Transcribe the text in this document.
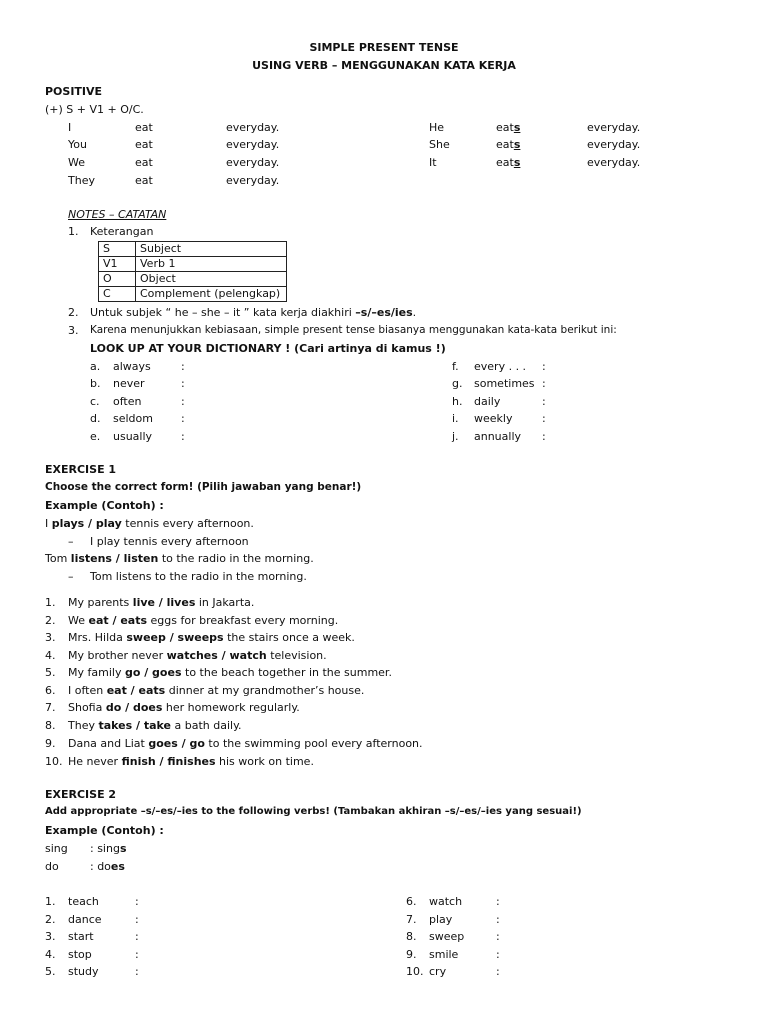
SIMPLE PRESENT TENSE
USING VERB – MENGGUNAKAN KATA KERJA
POSITIVE
(+) S + V1 + O/C.
I	eat	everyday.
You	eat	everyday.
We	eat	everyday.
They	eat	everyday.
He	eats	everyday.
She	eats	everyday.
It	eats	everyday.
NOTES – CATATAN
1. Keterangan
S	Subject
V1	Verb 1
O	Object
C	Complement (pelengkap)
2. Untuk subjek “ he – she – it ” kata kerja diakhiri –s/–es/ies.
3. Karena menunjukkan kebiasaan, simple present tense biasanya menggunakan kata-kata berikut ini:
LOOK UP AT YOUR DICTIONARY ! (Cari artinya di kamus !)
a. always	:
b. never	:
c. often	:
d. seldom	:
e. usually	:
f. every . . . :
g. sometimes :
h. daily	:
i. weekly	:
j. annually :
EXERCISE 1
Choose the correct form! (Pilih jawaban yang benar!)
Example (Contoh) :
I plays / play tennis every afternoon.
– I play tennis every afternoon
Tom listens / listen to the radio in the morning.
– Tom listens to the radio in the morning.
1. My parents live / lives in Jakarta.
2. We eat / eats eggs for breakfast every morning.
3. Mrs. Hilda sweep / sweeps the stairs once a week.
4. My brother never watches / watch television.
5. My family go / goes to the beach together in the summer.
6. I often eat / eats dinner at my grandmother’s house.
7. Shofia do / does her homework regularly.
8. They takes / take a bath daily.
9. Dana and Liat goes / go to the swimming pool every afternoon.
10. He never finish / finishes his work on time.
EXERCISE 2
Add appropriate –s/–es/–ies to the following verbs! (Tambakan akhiran –s/–es/–ies yang sesuai!)
Example (Contoh) :
sing : sings
do	: does
1. teach	:
2. dance	:
3. start	:
4. stop	:
5. study	:
6. watch	:
7. play	:
8. sweep	:
9. smile	:
10. cry	:
